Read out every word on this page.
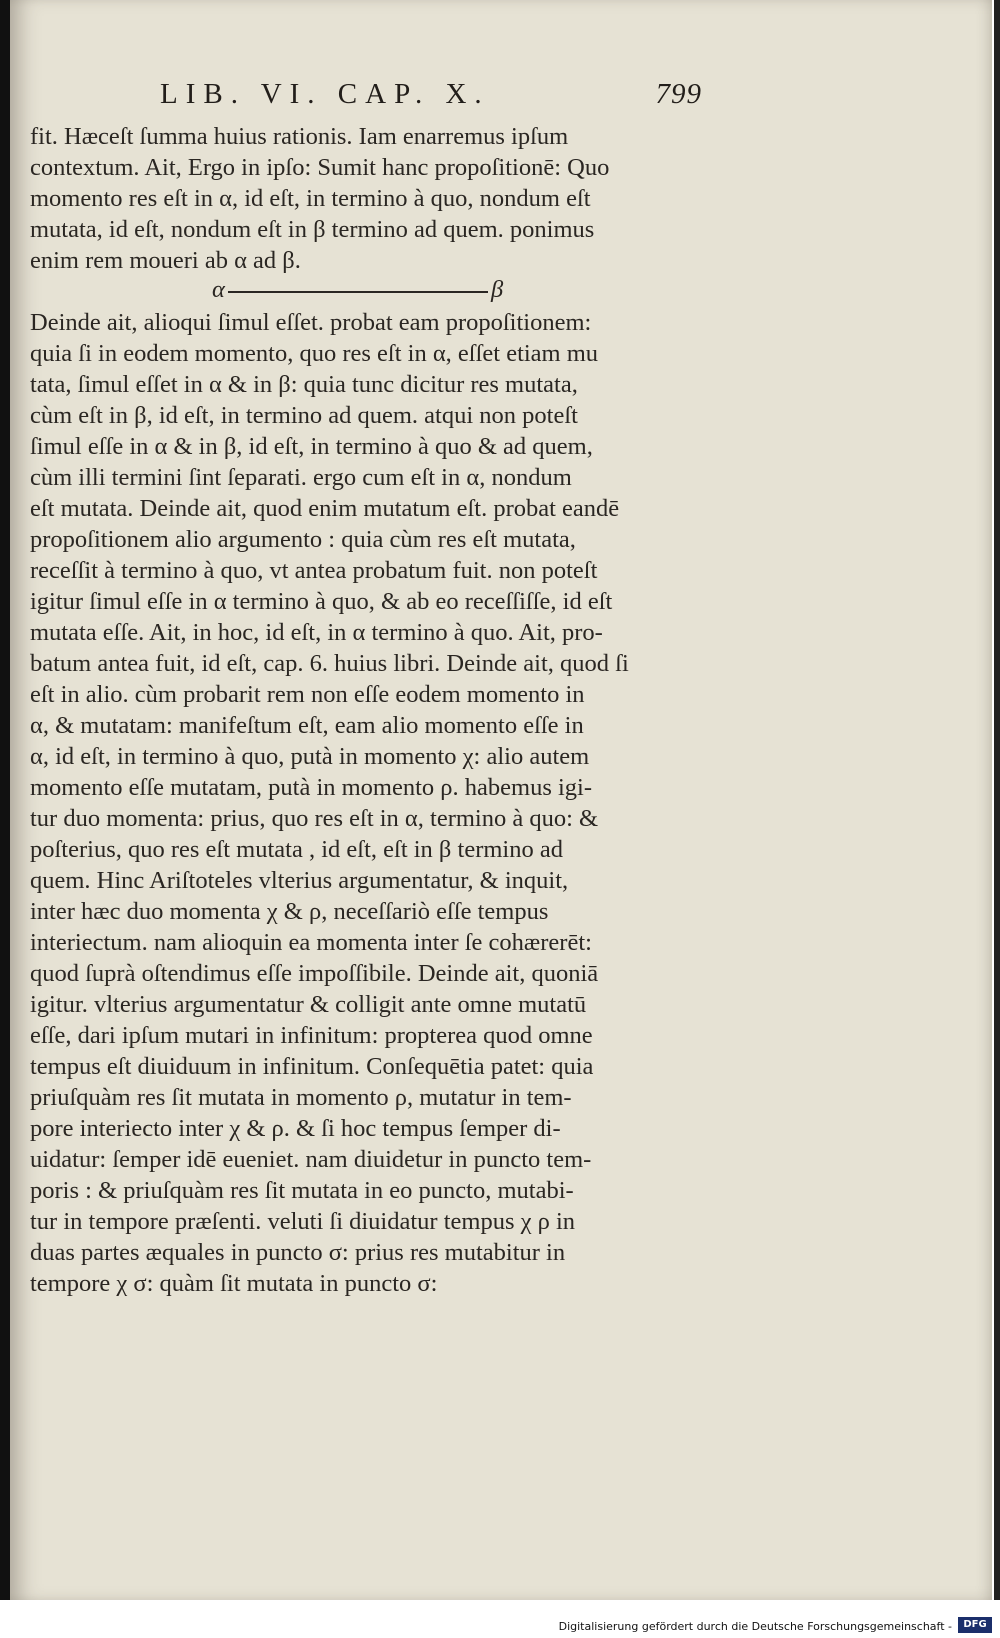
LIB. VI. CAP. X.	799
fit. Hæceſt ſumma huius rationis. Iam enarremus ipſum
contextum. Ait, Ergo in ipſo: Sumit hanc propoſitionē: Quo
momento res eſt in α, id eſt, in termino à quo, nondum eſt
mutata, id eſt, nondum eſt in β termino ad quem. ponimus
enim rem moueri ab α ad β.
α	β
Deinde ait, alioqui ſimul eſſet. probat eam propoſitionem:
quia ſi in eodem momento, quo res eſt in α, eſſet etiam mu
tata, ſimul eſſet in α & in β: quia tunc dicitur res mutata,
cùm eſt in β, id eſt, in termino ad quem. atqui non poteſt
ſimul eſſe in α & in β, id eſt, in termino à quo & ad quem,
cùm illi termini ſint ſeparati. ergo cum eſt in α, nondum
eſt mutata. Deinde ait, quod enim mutatum eſt. probat eandē
propoſitionem alio argumento : quia cùm res eſt mutata,
receſſit à termino à quo, vt antea probatum fuit. non poteſt
igitur ſimul eſſe in α termino à quo, & ab eo receſſiſſe, id eſt
mutata eſſe. Ait, in hoc, id eſt, in α termino à quo. Ait, pro-
batum antea fuit, id eſt, cap. 6. huius libri. Deinde ait, quod ſi
eſt in alio. cùm probarit rem non eſſe eodem momento in
α, & mutatam: manifeſtum eſt, eam alio momento eſſe in
α, id eſt, in termino à quo, putà in momento χ: alio autem
momento eſſe mutatam, putà in momento ρ. habemus igi-
tur duo momenta: prius, quo res eſt in α, termino à quo: &
poſterius, quo res eſt mutata , id eſt, eſt in β termino ad
quem. Hinc Ariſtoteles vlterius argumentatur, & inquit,
inter hæc duo momenta χ & ρ, neceſſariò eſſe tempus
interiectum. nam alioquin ea momenta inter ſe cohærerēt:
quod ſuprà oſtendimus eſſe impoſſibile. Deinde ait, quoniā
igitur. vlterius argumentatur & colligit ante omne mutatū
eſſe, dari ipſum mutari in infinitum: propterea quod omne
tempus eſt diuiduum in infinitum. Conſequētia patet: quia
priuſquàm res ſit mutata in momento ρ, mutatur in tem-
pore interiecto inter χ & ρ. & ſi hoc tempus ſemper di-
uidatur: ſemper idē eueniet. nam diuidetur in puncto tem-
poris : & priuſquàm res ſit mutata in eo puncto, mutabi-
tur in tempore præſenti. veluti ſi diuidatur tempus χ ρ in
duas partes æquales in puncto σ: prius res mutabitur in
tempore χ σ: quàm ſit mutata in puncto σ:
Digitalisierung gefördert durch die Deutsche Forschungsgemeinschaft -	DFG
